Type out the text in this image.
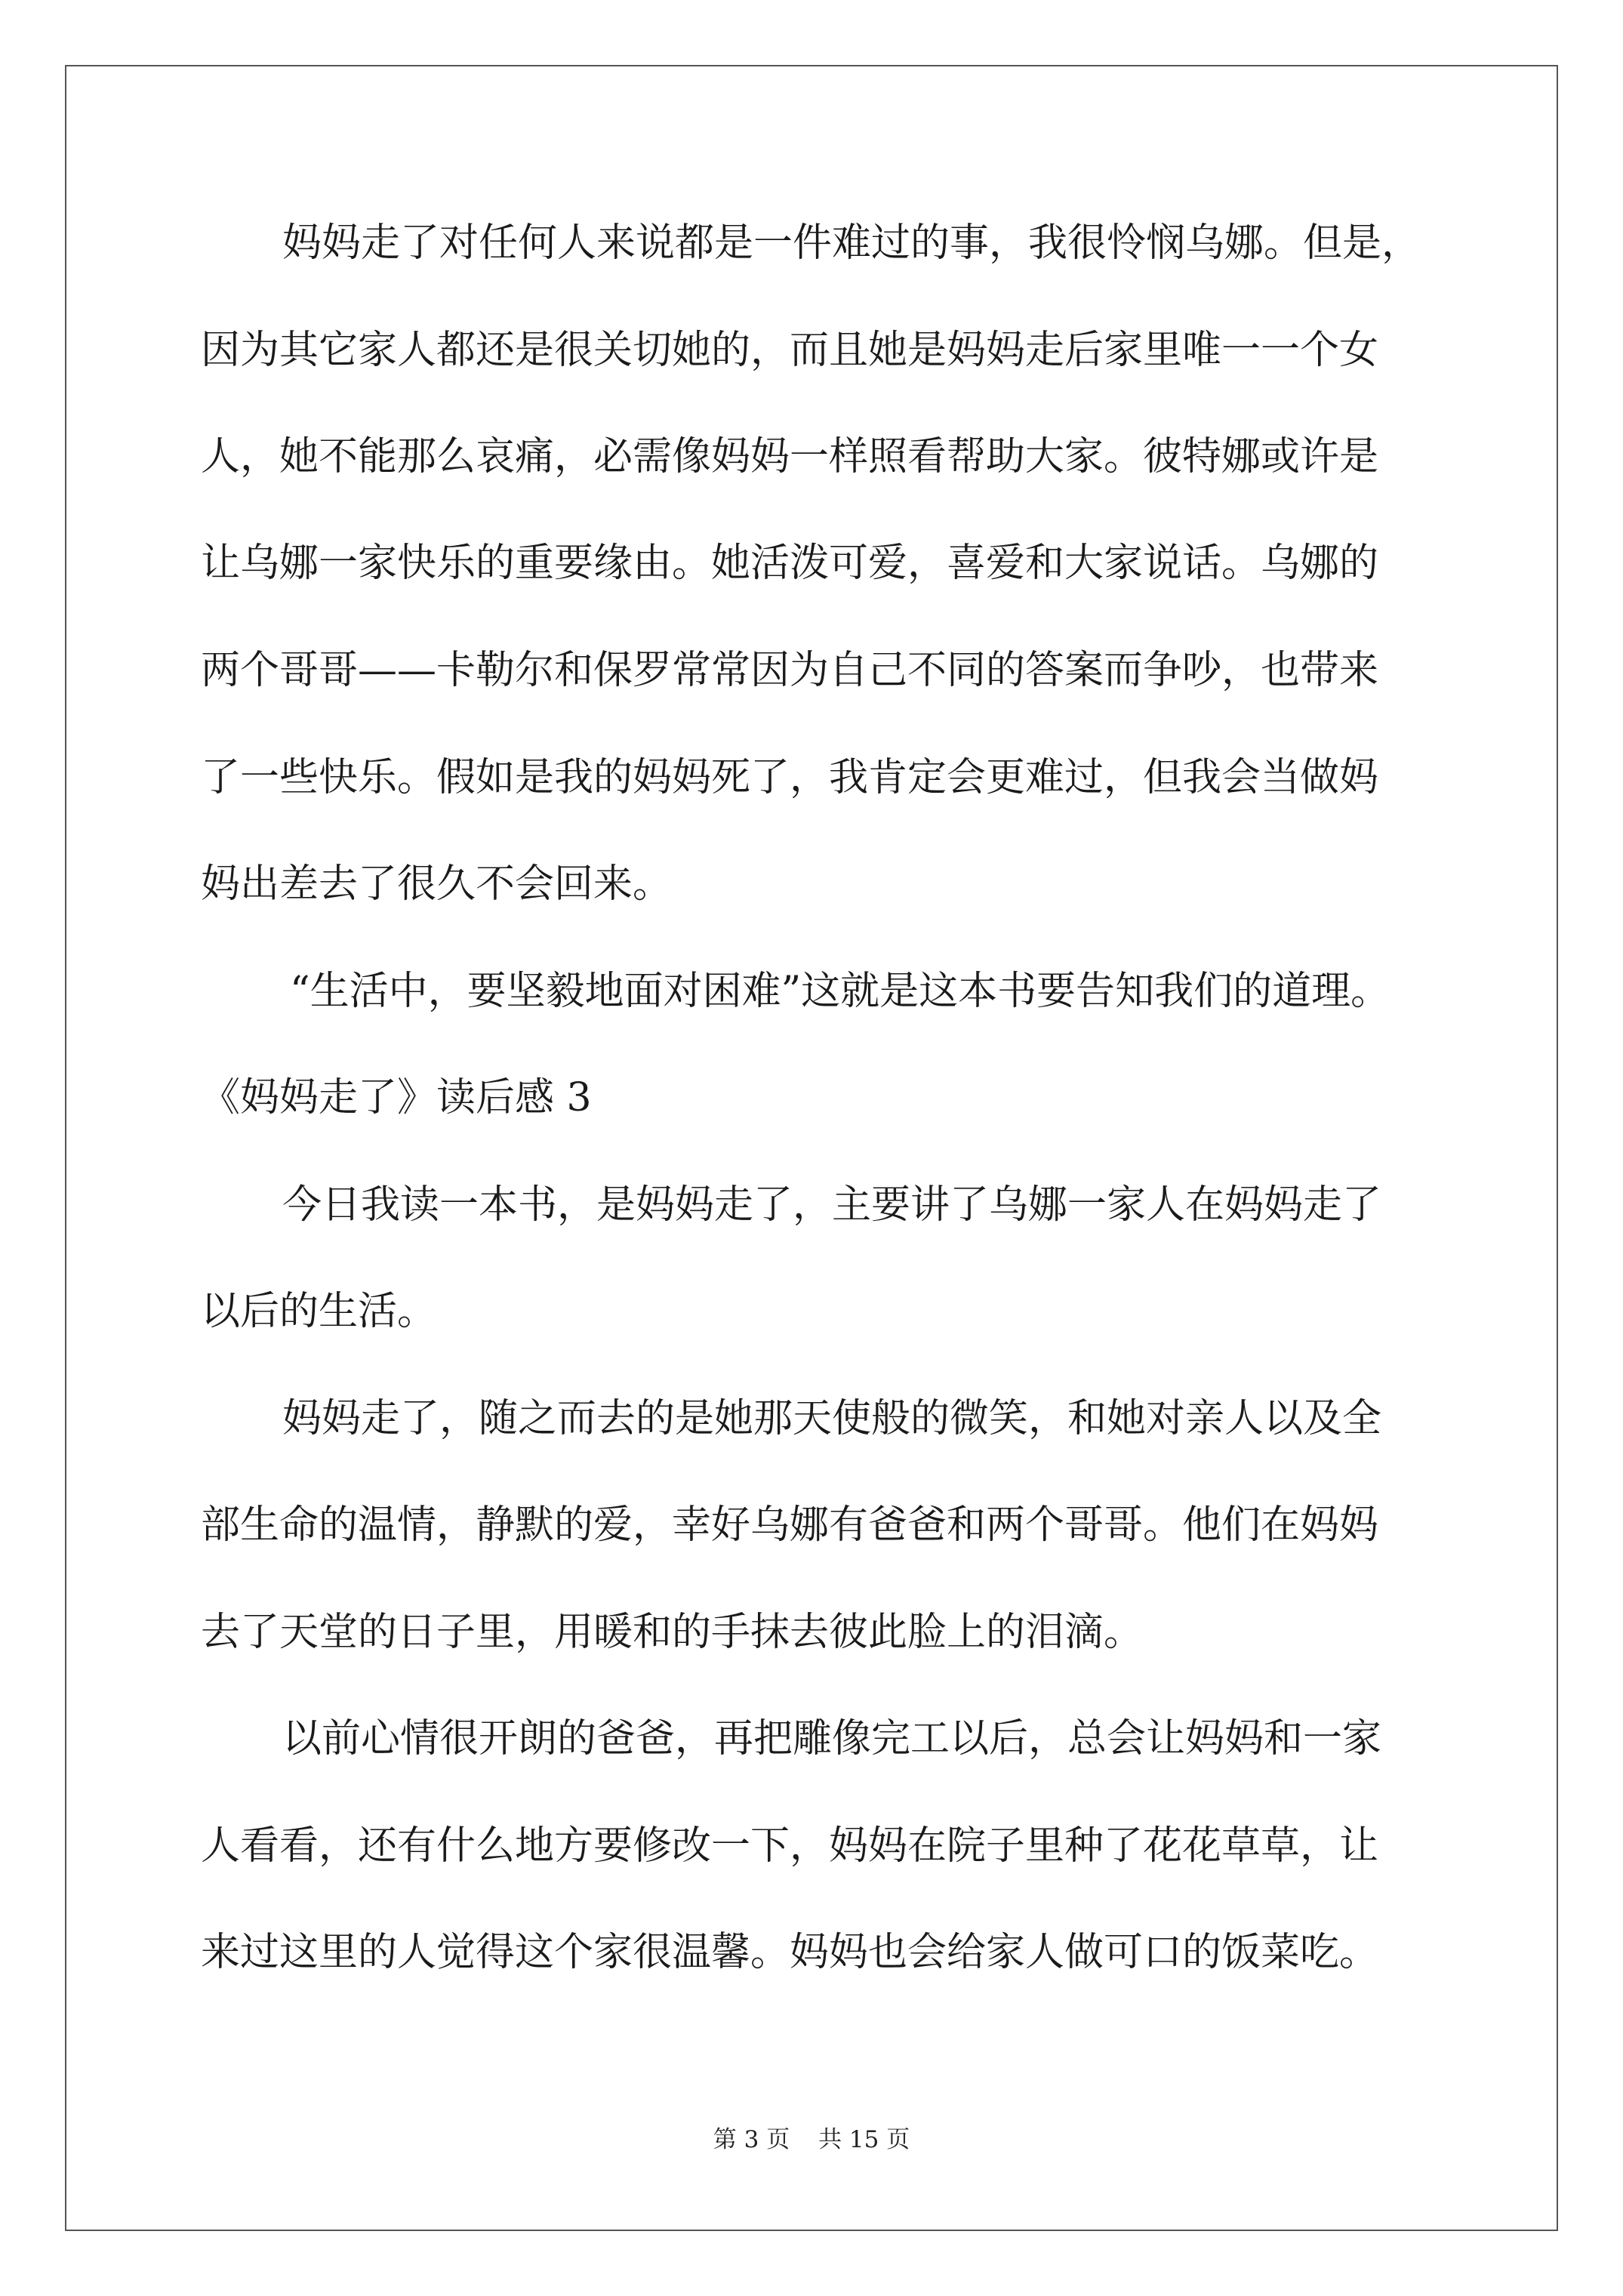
妈妈走了对任何人来说都是一件难过的事，我很怜悯乌娜。但是，
因为其它家人都还是很关切她的，而且她是妈妈走后家里唯一一个女
人，她不能那么哀痛，必需像妈妈一样照看帮助大家。彼特娜或许是
让乌娜一家快乐的重要缘由。她活泼可爱，喜爱和大家说话。乌娜的
两个哥哥——卡勒尔和保罗常常因为自己不同的答案而争吵，也带来
了一些快乐。假如是我的妈妈死了，我肯定会更难过，但我会当做妈
妈出差去了很久不会回来。
“生活中，要坚毅地面对困难”这就是这本书要告知我们的道理。
《妈妈走了》读后感 3
今日我读一本书，是妈妈走了，主要讲了乌娜一家人在妈妈走了
以后的生活。
妈妈走了，随之而去的是她那天使般的微笑，和她对亲人以及全
部生命的温情，静默的爱，幸好乌娜有爸爸和两个哥哥。他们在妈妈
去了天堂的日子里，用暖和的手抹去彼此脸上的泪滴。
以前心情很开朗的爸爸，再把雕像完工以后，总会让妈妈和一家
人看看，还有什么地方要修改一下，妈妈在院子里种了花花草草，让
来过这里的人觉得这个家很温馨。妈妈也会给家人做可口的饭菜吃。
第 3 页 共 15 页
